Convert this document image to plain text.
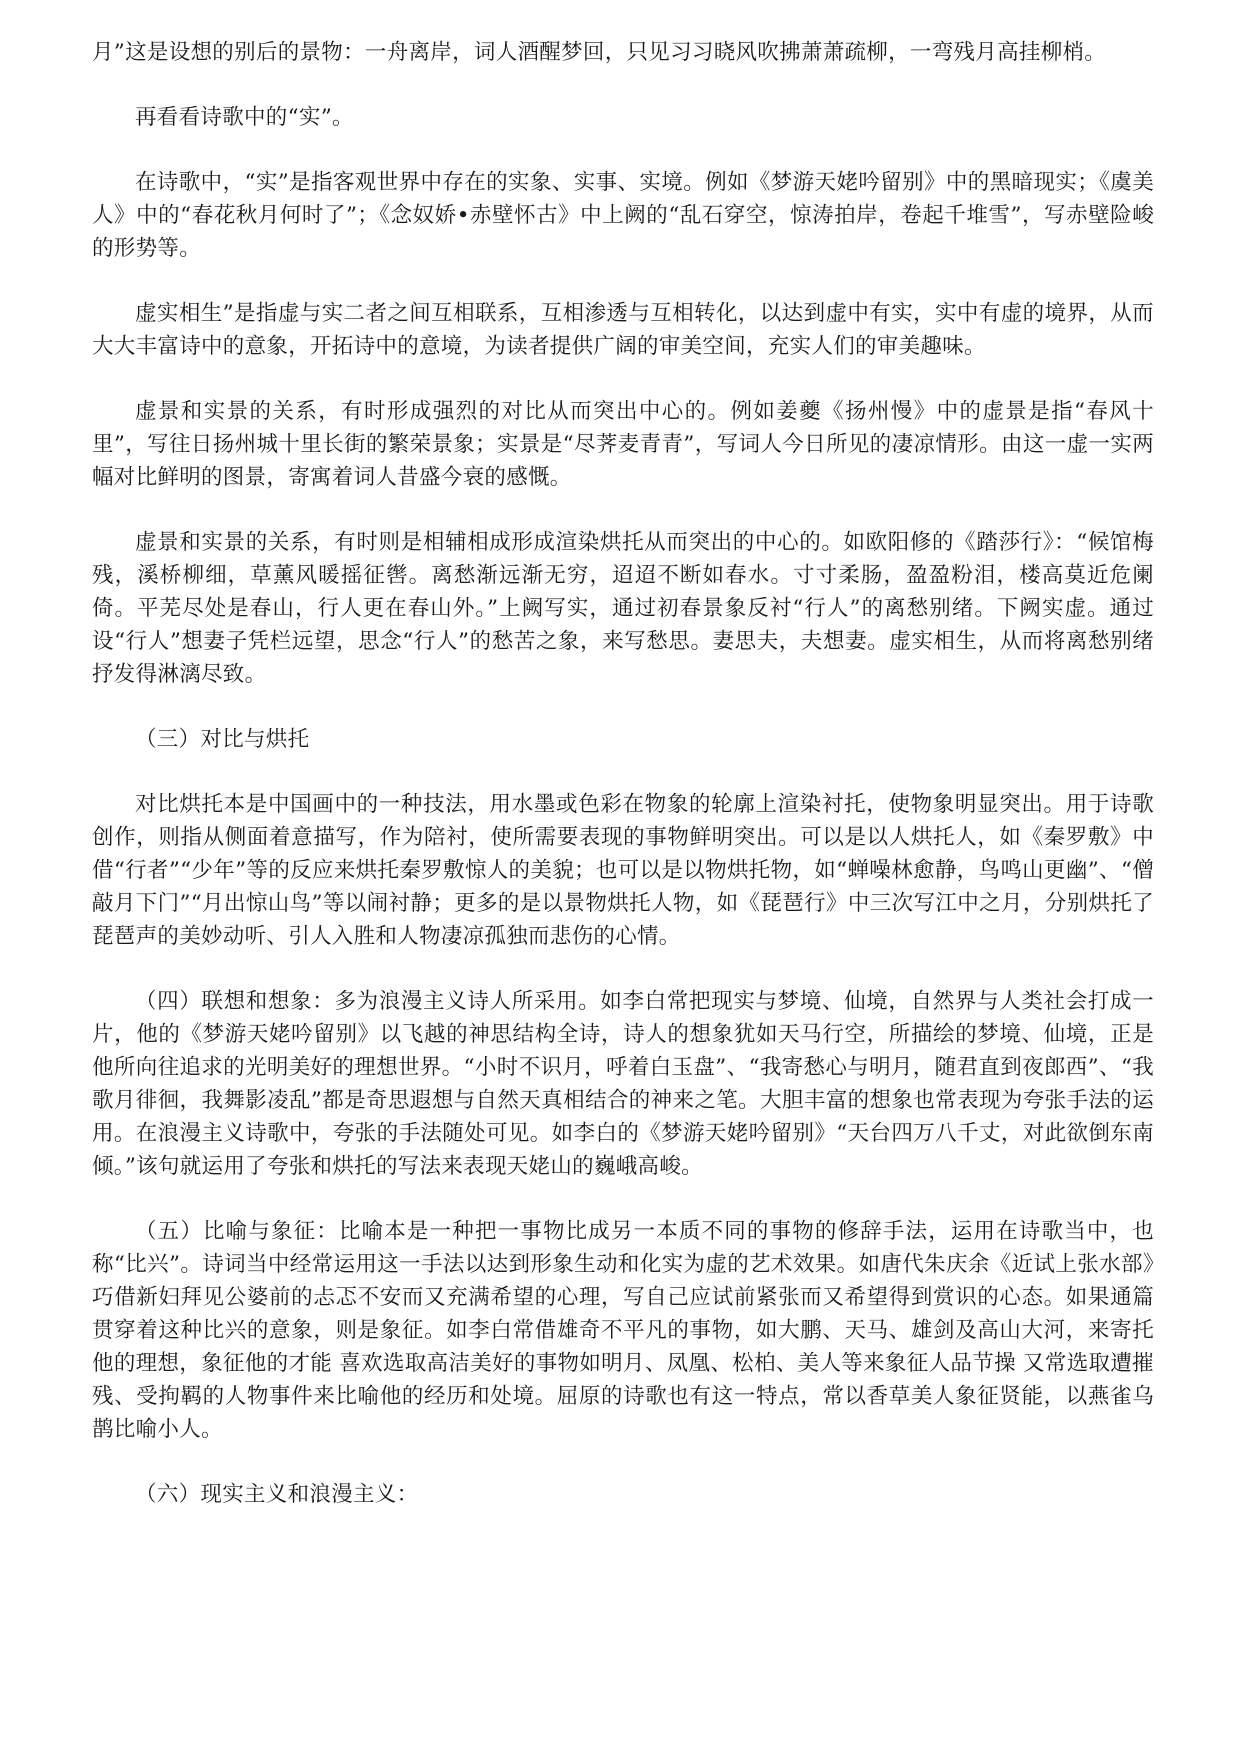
月”这是设想的别后的景物：一舟离岸，词人酒醒梦回，只见习习晓风吹拂萧萧疏柳，一弯残月高挂柳梢。

再看看诗歌中的“实”。

在诗歌中，“实”是指客观世界中存在的实象、实事、实境。例如《梦游天姥吟留别》中的黑暗现实；《虞美人》中的“春花秋月何时了”；《念奴娇•赤壁怀古》中上阙的“乱石穿空，惊涛拍岸，卷起千堆雪”，写赤壁险峻的形势等。

虚实相生”是指虚与实二者之间互相联系，互相渗透与互相转化，以达到虚中有实，实中有虚的境界，从而大大丰富诗中的意象，开拓诗中的意境，为读者提供广阔的审美空间，充实人们的审美趣味。

虚景和实景的关系，有时形成强烈的对比从而突出中心的。例如姜夔《扬州慢》中的虚景是指“春风十里”，写往日扬州城十里长街的繁荣景象；实景是“尽荠麦青青”，写词人今日所见的凄凉情形。由这一虚一实两幅对比鲜明的图景，寄寓着词人昔盛今衰的感慨。

虚景和实景的关系，有时则是相辅相成形成渲染烘托从而突出的中心的。如欧阳修的《踏莎行》：“候馆梅残，溪桥柳细，草薰风暖摇征辔。离愁渐远渐无穷，迢迢不断如春水。寸寸柔肠，盈盈粉泪，楼高莫近危阑倚。平芜尽处是春山，行人更在春山外。”上阙写实，通过初春景象反衬“行人”的离愁别绪。下阙实虚。通过设“行人”想妻子凭栏远望，思念“行人”的愁苦之象，来写愁思。妻思夫，夫想妻。虚实相生，从而将离愁别绪抒发得淋漓尽致。

（三）对比与烘托

对比烘托本是中国画中的一种技法，用水墨或色彩在物象的轮廓上渲染衬托，使物象明显突出。用于诗歌创作，则指从侧面着意描写，作为陪衬，使所需要表现的事物鲜明突出。可以是以人烘托人，如《秦罗敷》中借“行者”“少年”等的反应来烘托秦罗敷惊人的美貌；也可以是以物烘托物，如“蝉噪林愈静，鸟鸣山更幽”、“僧敲月下门”“月出惊山鸟”等以闹衬静；更多的是以景物烘托人物，如《琵琶行》中三次写江中之月，分别烘托了琵琶声的美妙动听、引人入胜和人物凄凉孤独而悲伤的心情。

（四）联想和想象：多为浪漫主义诗人所采用。如李白常把现实与梦境、仙境，自然界与人类社会打成一片，他的《梦游天姥吟留别》以飞越的神思结构全诗，诗人的想象犹如天马行空，所描绘的梦境、仙境，正是他所向往追求的光明美好的理想世界。“小时不识月，呼着白玉盘”、“我寄愁心与明月，随君直到夜郎西”、“我歌月徘徊，我舞影凌乱”都是奇思遐想与自然天真相结合的神来之笔。大胆丰富的想象也常表现为夸张手法的运用。在浪漫主义诗歌中，夸张的手法随处可见。如李白的《梦游天姥吟留别》“天台四万八千丈，对此欲倒东南倾。”该句就运用了夸张和烘托的写法来表现天姥山的巍峨高峻。

（五）比喻与象征：比喻本是一种把一事物比成另一本质不同的事物的修辞手法，运用在诗歌当中，也称“比兴”。诗词当中经常运用这一手法以达到形象生动和化实为虚的艺术效果。如唐代朱庆余《近试上张水部》巧借新妇拜见公婆前的忐忑不安而又充满希望的心理，写自己应试前紧张而又希望得到赏识的心态。如果通篇贯穿着这种比兴的意象，则是象征。如李白常借雄奇不平凡的事物，如大鹏、天马、雄剑及高山大河，来寄托他的理想，象征他的才能 喜欢选取高洁美好的事物如明月、凤凰、松柏、美人等来象征人品节操 又常选取遭摧残、受拘羁的人物事件来比喻他的经历和处境。屈原的诗歌也有这一特点，常以香草美人象征贤能，以燕雀乌鹊比喻小人。

（六）现实主义和浪漫主义：
